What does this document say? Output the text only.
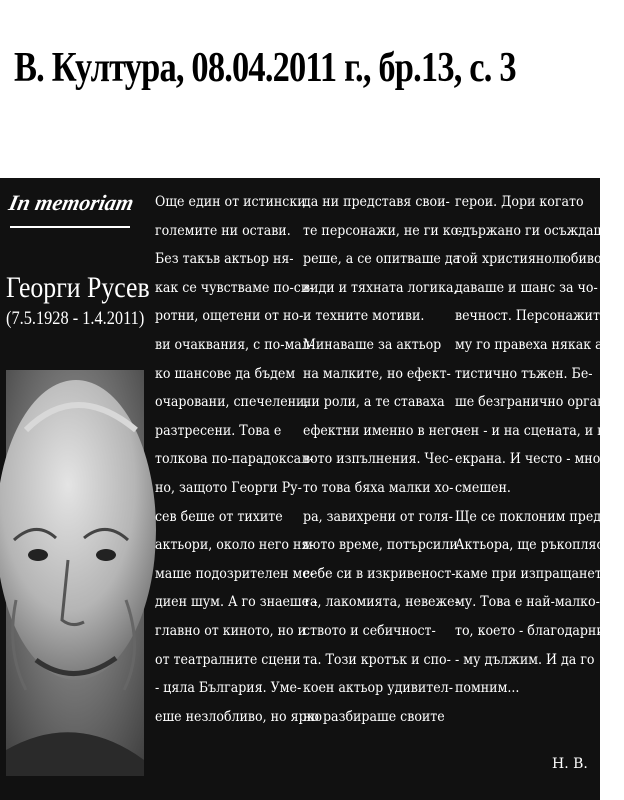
В. Култура, 08.04.2011 г., бр.13, с. 3
In memoriam
Георги Русев
(7.5.1928 - 1.4.2011)
Още един от истински
големите ни остави.
Без такъв актьор ня-
как се чувстваме по-си-
ротни, ощетени от но-
ви очаквания, с по-мал-
ко шансове да бъдем
очаровани, спечелени,
разтресени. Това е
толкова по-парадоксал-
но, защото Георги Ру-
сев беше от тихите
актьори, около него ня-
маше подозрителен ме-
диен шум. А го знаеше -
главно от киното, но и
от театралните сцени
- цяла България. Уме-
еше незлобливо, но ярко
да ни представя свои-
те персонажи, не ги ко-
реше, а се опитваше да
види и тяхната логика,
и техните мотиви.
Минаваше за актьор
на малките, но ефект-
ни роли, а те ставаха
ефектни именно в него-
вото изпълнения. Чес-
то това бяха малки хо-
ра, завихрени от голя-
мото време, потърсили
себе си в изкривеност-
та, лакомията, невеже-
ството и себичност-
та. Този кротък и спо-
коен актьор удивител-
но разбираше своите
герои. Дори когато
сдържано ги осъждаше,
той християнолюбиво им
даваше и шанс за чо-
вечност. Персонажите
му го правеха някак ар-
тистично тъжен. Бе-
ше безгранично органи-
чен - и на сцената, и на
екрана. И често - много
смешен.
Ще се поклоним пред
Актьора, ще ръкопляс-
каме при изпращането
му. Това е най-малко-
то, което - благодарни
- му дължим. И да го
помним...
Н. В.
